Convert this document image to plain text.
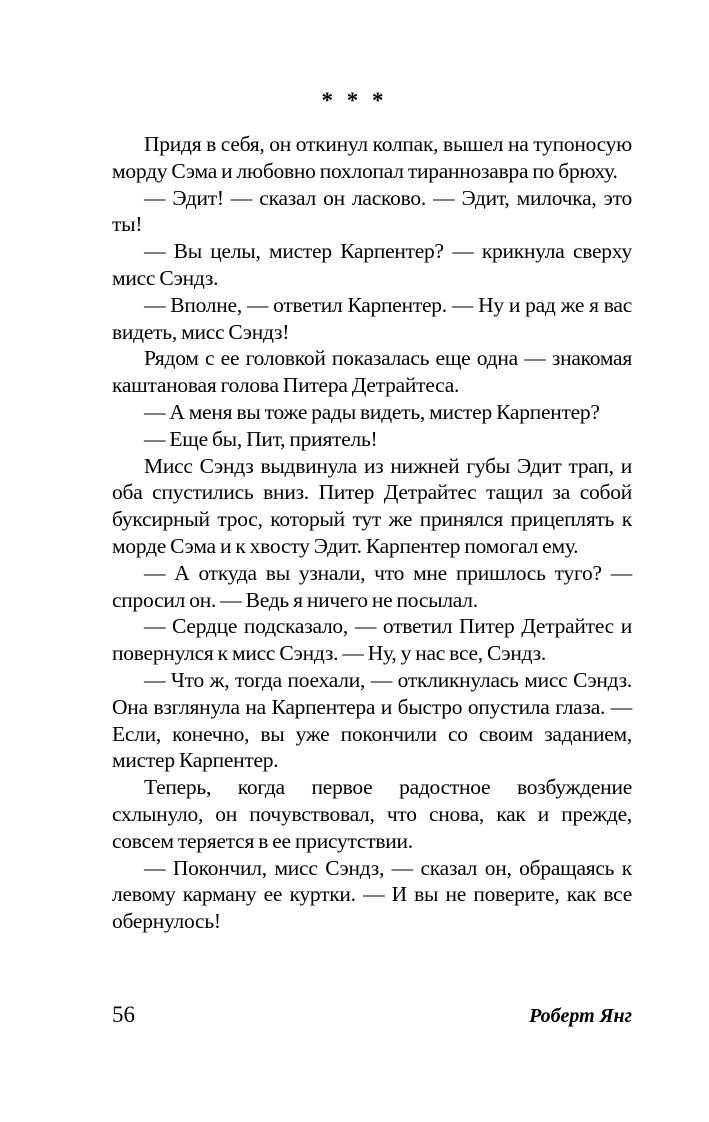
* * *

Придя в себя, он откинул колпак, вышел на тупоносую морду Сэма и любовно похлопал тираннозавра по брюху.

— Эдит! — сказал он ласково. — Эдит, милочка, это ты!

— Вы целы, мистер Карпентер? — крикнула сверху мисс Сэндз.

— Вполне, — ответил Карпентер. — Ну и рад же я вас видеть, мисс Сэндз!

Рядом с ее головкой показалась еще одна — знакомая каштановая голова Питера Детрайтеса.

— А меня вы тоже рады видеть, мистер Карпентер?

— Еще бы, Пит, приятель!

Мисс Сэндз выдвинула из нижней губы Эдит трап, и оба спустились вниз. Питер Детрайтес тащил за собой буксирный трос, который тут же принялся прицеплять к морде Сэма и к хвосту Эдит. Карпентер помогал ему.

— А откуда вы узнали, что мне пришлось туго? — спросил он. — Ведь я ничего не посылал.

— Сердце подсказало, — ответил Питер Детрайтес и повернулся к мисс Сэндз. — Ну, у нас все, Сэндз.

— Что ж, тогда поехали, — откликнулась мисс Сэндз. Она взглянула на Карпентера и быстро опустила глаза. — Если, конечно, вы уже покончили со своим заданием, мистер Карпентер.

Теперь, когда первое радостное возбуждение схлынуло, он почувствовал, что снова, как и прежде, совсем теряется в ее присутствии.

— Покончил, мисс Сэндз, — сказал он, обращаясь к левому карману ее куртки. — И вы не поверите, как все обернулось!

56	Роберт Янг
